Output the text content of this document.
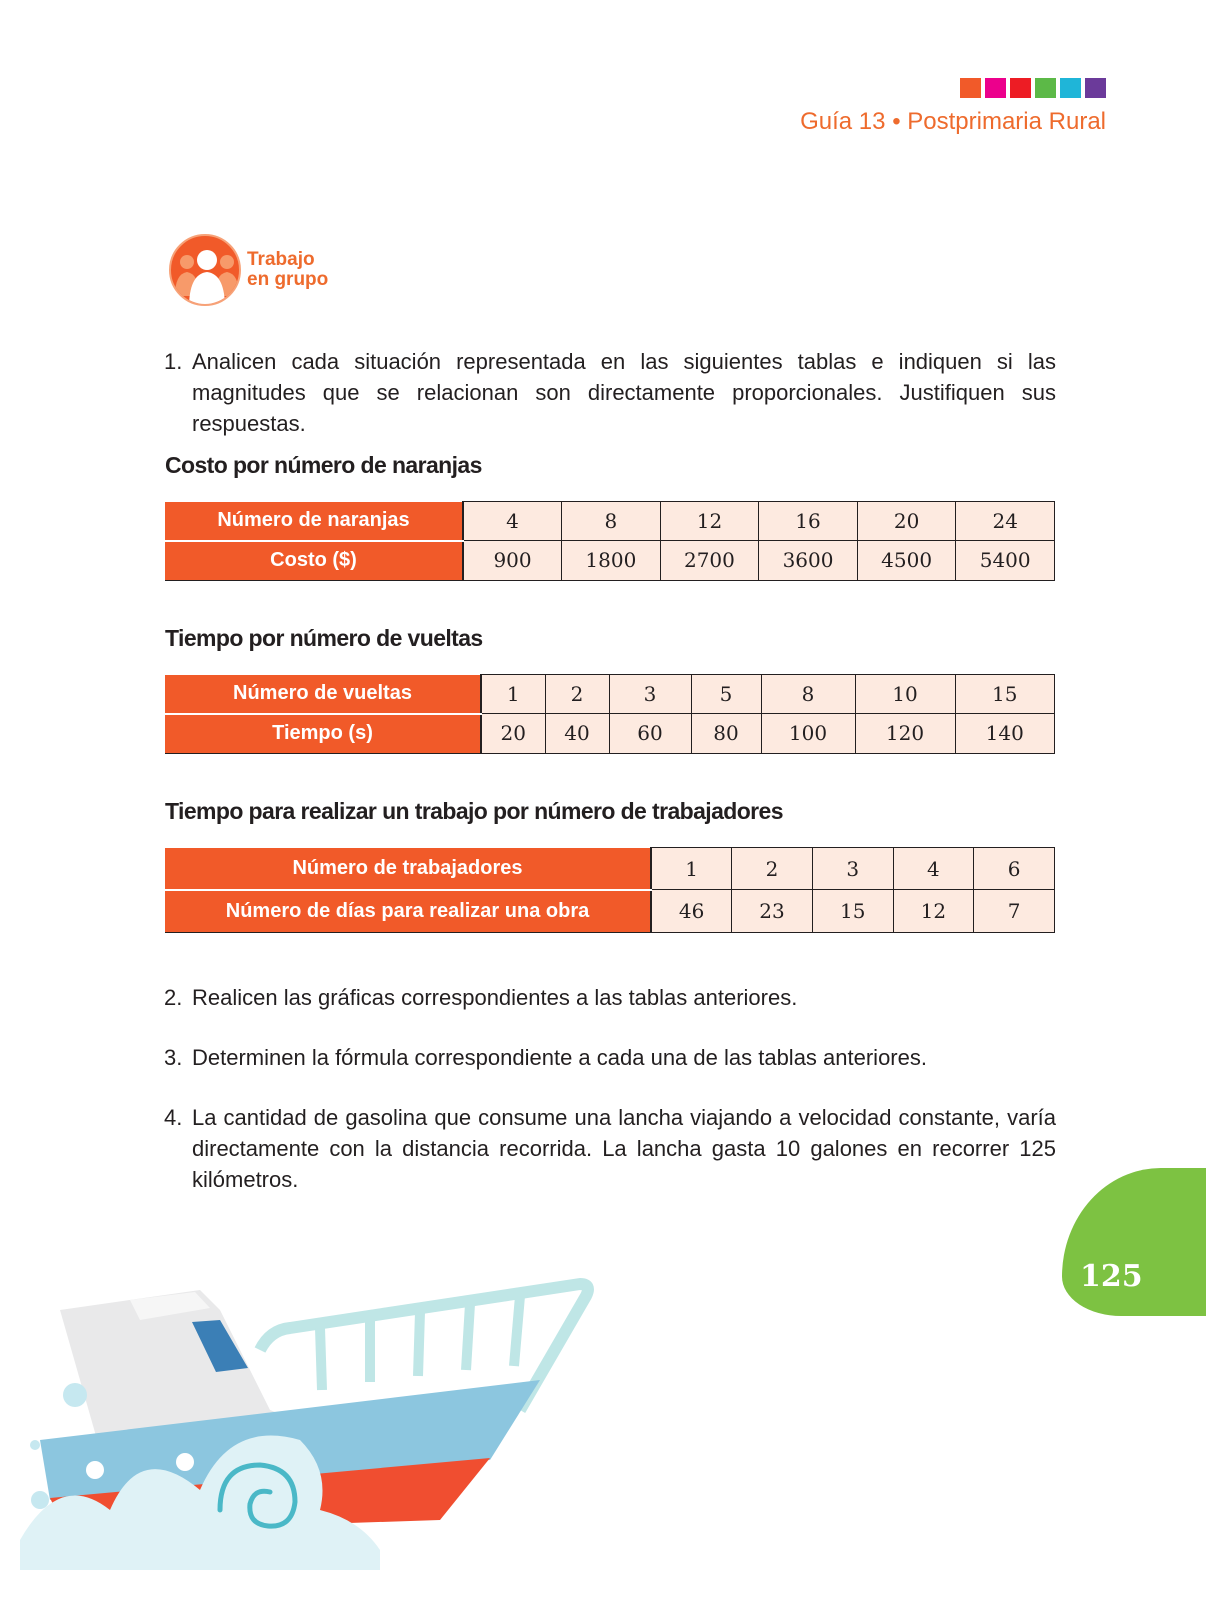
Guía 13 • Postprimaria Rural
Trabajo
en grupo
1. Analicen cada situación representada en las siguientes tablas e indiquen si las magnitudes que se relacionan son directamente proporcionales. Justifiquen sus respuestas.
Costo por número de naranjas
Número de naranjas	4	8	12	16	20	24
Costo ($)	900	1800	2700	3600	4500	5400
Tiempo por número de vueltas
Número de vueltas	1	2	3	5	8	10	15
Tiempo (s)	20	40	60	80	100	120	140
Tiempo para realizar un trabajo por número de trabajadores
Número de trabajadores	1	2	3	4	6
Número de días para realizar una obra	46	23	15	12	7
2. Realicen las gráficas correspondientes a las tablas anteriores.
3. Determinen la fórmula correspondiente a cada una de las tablas anteriores.
4. La cantidad de gasolina que consume una lancha viajando a velocidad constante, varía directamente con la distancia recorrida. La lancha gasta 10 galones en recorrer 125 kilómetros.
125
